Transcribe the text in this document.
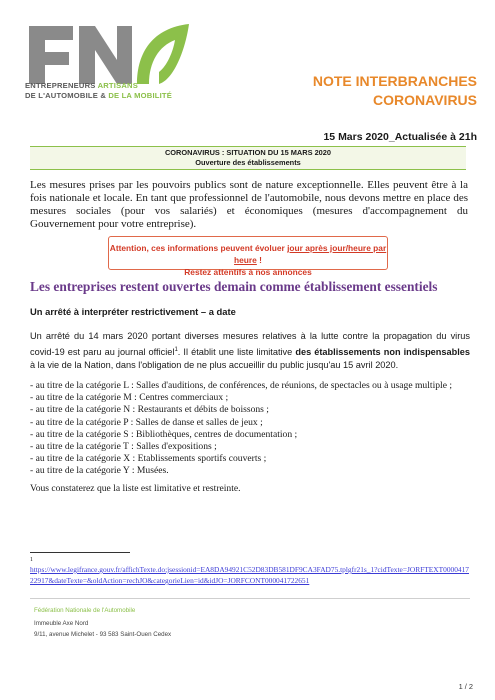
ENTREPRENEURS ARTISANS
DE L'AUTOMOBILE & DE LA MOBILITÉ
NOTE INTERBRANCHES
CORONAVIRUS
15 Mars 2020_Actualisée à 21h
CORONAVIRUS : SITUATION DU 15 MARS 2020
Ouverture des établissements
Les mesures prises par les pouvoirs publics sont de nature exceptionnelle. Elles peuvent être à la fois nationale et locale. En tant que professionnel de l'automobile, nous devons mettre en place des mesures sociales (pour vos salariés) et économiques (mesures d'accompagnement du Gouvernement pour votre entreprise).
Attention, ces informations peuvent évoluer jour après jour/heure par heure !
Restez attentifs à nos annonces
Les entreprises restent ouvertes demain comme établissement essentiels
Un arrêté à interpréter restrictivement – a date
Un arrêté du 14 mars 2020 portant diverses mesures relatives à la lutte contre la propagation du virus covid-19 est paru au journal officiel$^1$. Il établit une liste limitative des établissements non indispensables à la vie de la Nation, dans l'obligation de ne plus accueillir du public jusqu'au 15 avril 2020.
- au titre de la catégorie L : Salles d'auditions, de conférences, de réunions, de spectacles ou à usage multiple ;
- au titre de la catégorie M : Centres commerciaux ;
- au titre de la catégorie N : Restaurants et débits de boissons ;
- au titre de la catégorie P : Salles de danse et salles de jeux ;
- au titre de la catégorie S : Bibliothèques, centres de documentation ;
- au titre de la catégorie T : Salles d'expositions ;
- au titre de la catégorie X : Etablissements sportifs couverts ;
- au titre de la catégorie Y : Musées.
Vous constaterez que la liste est limitative et restreinte.
1
https://www.legifrance.gouv.fr/affichTexte.do;jsessionid=EA8DA94921C52D83DB581DF9CA3FAD75.tplgfr21s_1?cidTexte=JORFTEXT000041722917&dateTexte=&oldAction=rechJO&categorieLien=id&idJO=JORFCONT000041722651
Fédération Nationale de l'Automobile
Immeuble Axe Nord
9/11, avenue Michelet - 93 583 Saint-Ouen Cedex
1 / 2
